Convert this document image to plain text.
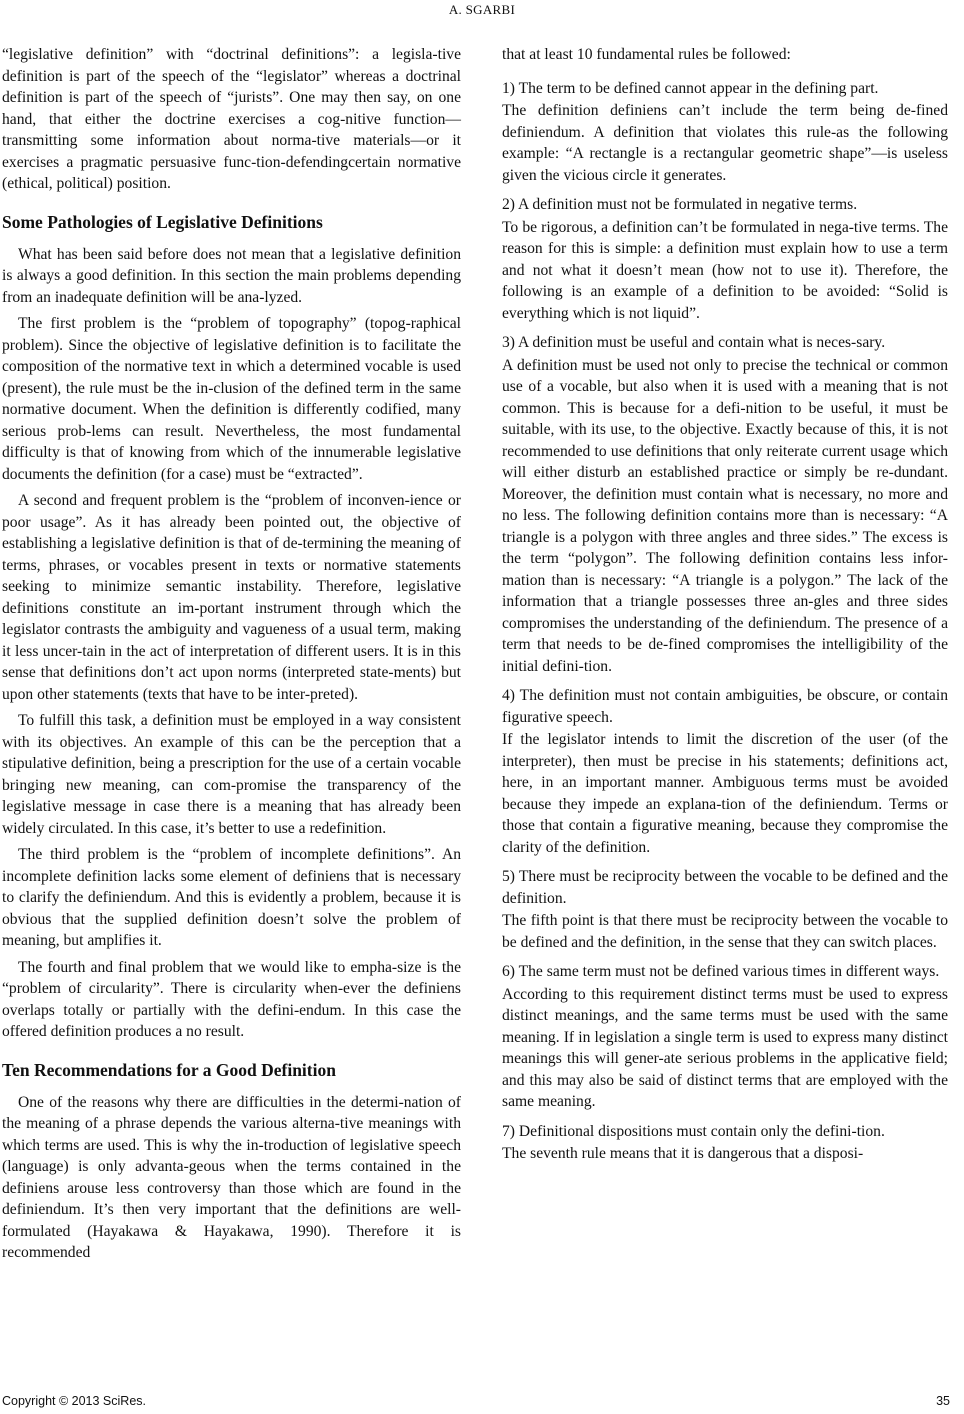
A. SGARBI

“legislative definition” with “doctrinal definitions”: a legisla-tive definition is part of the speech of the “legislator” whereas a doctrinal definition is part of the speech of “jurists”. One may then say, on one hand, that either the doctrine exercises a cog-nitive function—transmitting some information about norma-tive materials—or it exercises a pragmatic persuasive func-tion-defendingcertain normative (ethical, political) position.

Some Pathologies of Legislative Definitions

What has been said before does not mean that a legislative definition is always a good definition. In this section the main problems depending from an inadequate definition will be ana-lyzed.

The first problem is the “problem of topography” (topog-raphical problem). Since the objective of legislative definition is to facilitate the composition of the normative text in which a determined vocable is used (present), the rule must be the in-clusion of the defined term in the same normative document. When the definition is differently codified, many serious prob-lems can result. Nevertheless, the most fundamental difficulty is that of knowing from which of the innumerable legislative documents the definition (for a case) must be “extracted”.

A second and frequent problem is the “problem of inconven-ience or poor usage”. As it has already been pointed out, the objective of establishing a legislative definition is that of de-termining the meaning of terms, phrases, or vocables present in texts or normative statements seeking to minimize semantic instability. Therefore, legislative definitions constitute an im-portant instrument through which the legislator contrasts the ambiguity and vagueness of a usual term, making it less uncer-tain in the act of interpretation of different users. It is in this sense that definitions don’t act upon norms (interpreted state-ments) but upon other statements (texts that have to be inter-preted).

To fulfill this task, a definition must be employed in a way consistent with its objectives. An example of this can be the perception that a stipulative definition, being a prescription for the use of a certain vocable bringing new meaning, can com-promise the transparency of the legislative message in case there is a meaning that has already been widely circulated. In this case, it’s better to use a redefinition.

The third problem is the “problem of incomplete definitions”. An incomplete definition lacks some element of definiens that is necessary to clarify the definiendum. And this is evidently a problem, because it is obvious that the supplied definition doesn’t solve the problem of meaning, but amplifies it.

The fourth and final problem that we would like to empha-size is the “problem of circularity”. There is circularity when-ever the definiens overlaps totally or partially with the defini-endum. In this case the offered definition produces a no result.

Ten Recommendations for a Good Definition

One of the reasons why there are difficulties in the determi-nation of the meaning of a phrase depends the various alterna-tive meanings with which terms are used. This is why the in-troduction of legislative speech (language) is only advanta-geous when the terms contained in the definiens arouse less controversy than those which are found in the definiendum. It’s then very important that the definitions are well-formulated (Hayakawa & Hayakawa, 1990). Therefore it is recommended

that at least 10 fundamental rules be followed:

1) The term to be defined cannot appear in the defining part.

The definition definiens can’t include the term being de-fined definiendum. A definition that violates this rule-as the following example: “A rectangle is a rectangular geometric shape”—is useless given the vicious circle it generates.

2) A definition must not be formulated in negative terms.

To be rigorous, a definition can’t be formulated in nega-tive terms. The reason for this is simple: a definition must explain how to use a term and not what it doesn’t mean (how not to use it). Therefore, the following is an example of a definition to be avoided: “Solid is everything which is not liquid”.

3) A definition must be useful and contain what is neces-sary.

A definition must be used not only to precise the technical or common use of a vocable, but also when it is used with a meaning that is not common. This is because for a defi-nition to be useful, it must be suitable, with its use, to the objective. Exactly because of this, it is not recommended to use definitions that only reiterate current usage which will either disturb an established practice or simply be re-dundant. Moreover, the definition must contain what is necessary, no more and no less. The following definition contains more than is necessary: “A triangle is a polygon with three angles and three sides.” The excess is the term “polygon”. The following definition contains less infor-mation than is necessary: “A triangle is a polygon.” The lack of the information that a triangle possesses three an-gles and three sides compromises the understanding of the definiendum. The presence of a term that needs to be de-fined compromises the intelligibility of the initial defini-tion.

4) The definition must not contain ambiguities, be obscure, or contain figurative speech.

If the legislator intends to limit the discretion of the user (of the interpreter), then must be precise in his statements; definitions act, here, in an important manner. Ambiguous terms must be avoided because they impede an explana-tion of the definiendum. Terms or those that contain a figurative meaning, because they compromise the clarity of the definition.

5) There must be reciprocity between the vocable to be defined and the definition.

The fifth point is that there must be reciprocity between the vocable to be defined and the definition, in the sense that they can switch places.

6) The same term must not be defined various times in different ways.

According to this requirement distinct terms must be used to express distinct meanings, and the same terms must be used with the same meaning. If in legislation a single term is used to express many distinct meanings this will gener-ate serious problems in the applicative field; and this may also be said of distinct terms that are employed with the same meaning.

7) Definitional dispositions must contain only the defini-tion.

The seventh rule means that it is dangerous that a disposi-

Copyright © 2013 SciRes.	35
